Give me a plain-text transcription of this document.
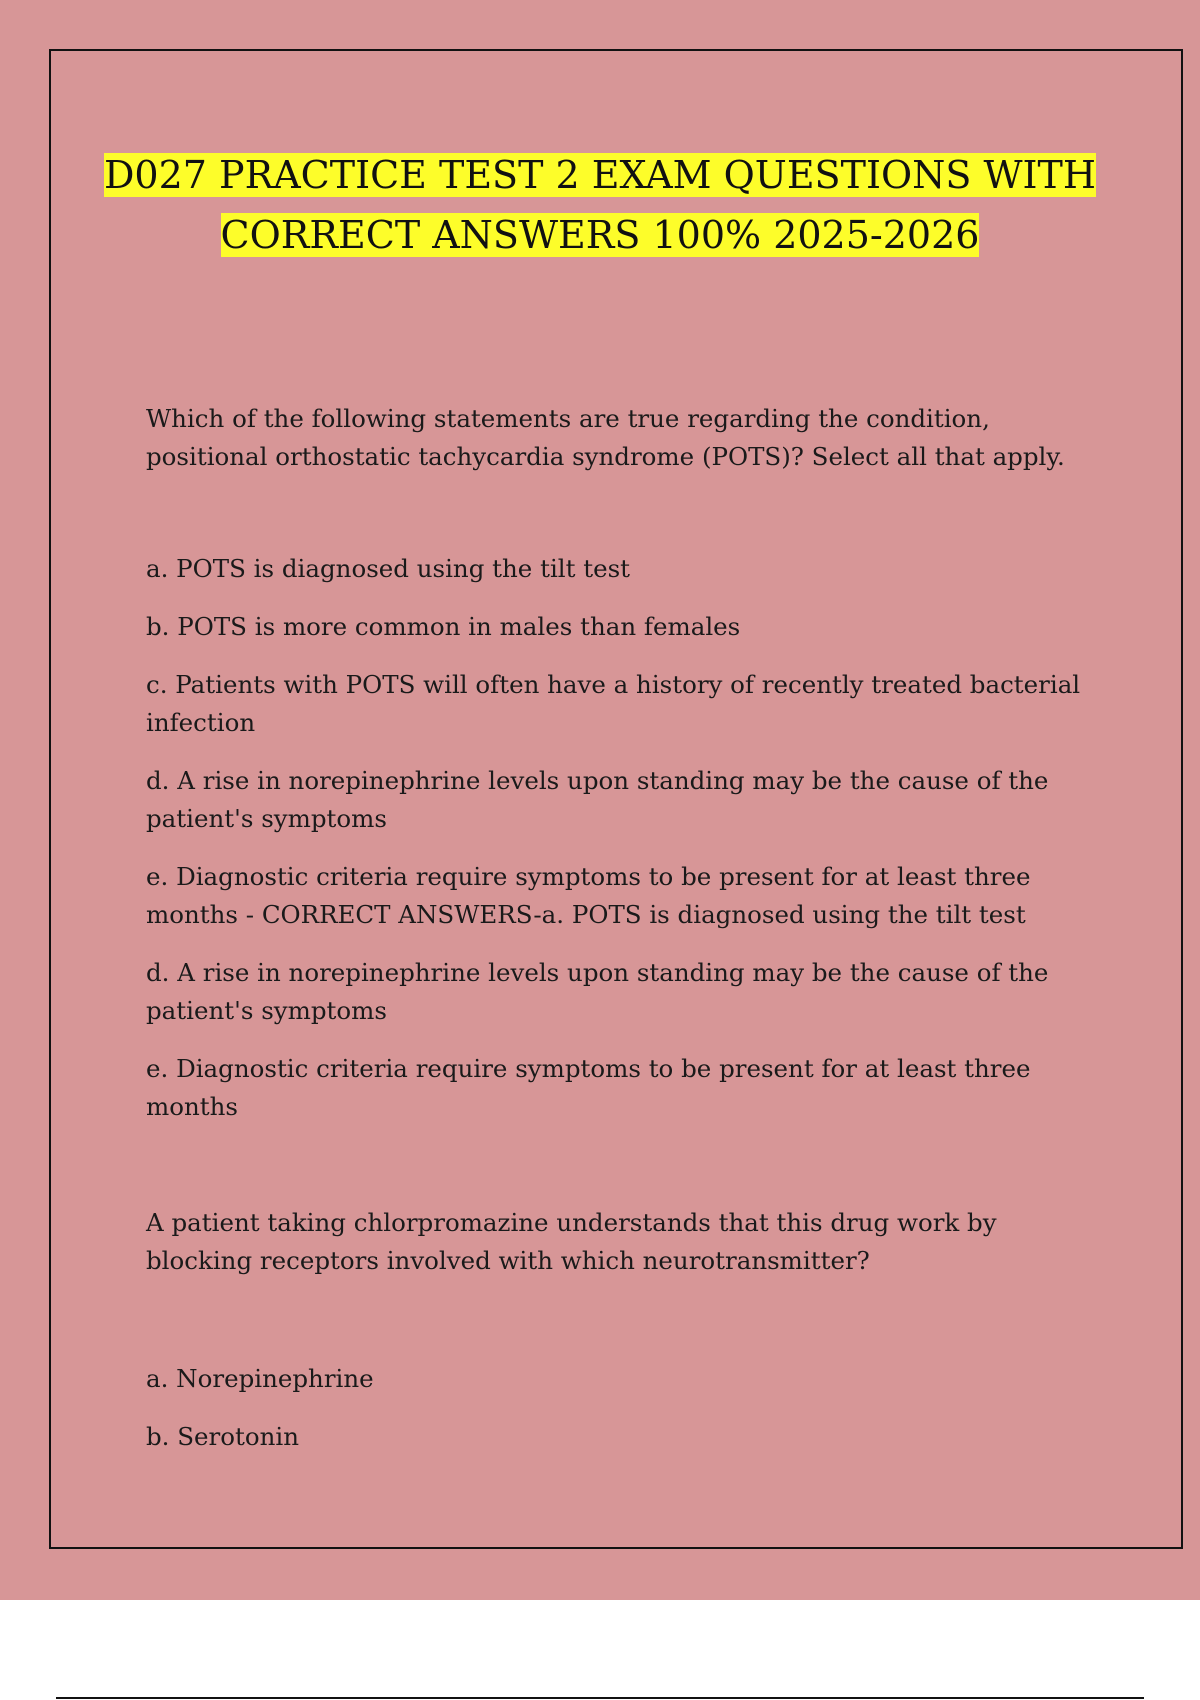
D027 PRACTICE TEST 2 EXAM QUESTIONS WITH
CORRECT ANSWERS 100% 2025-2026

Which of the following statements are true regarding the condition, positional orthostatic tachycardia syndrome (POTS)? Select all that apply.

a. POTS is diagnosed using the tilt test

b. POTS is more common in males than females

c. Patients with POTS will often have a history of recently treated bacterial infection

d. A rise in norepinephrine levels upon standing may be the cause of the patient's symptoms

e. Diagnostic criteria require symptoms to be present for at least three months - CORRECT ANSWERS-a. POTS is diagnosed using the tilt test

d. A rise in norepinephrine levels upon standing may be the cause of the patient's symptoms

e. Diagnostic criteria require symptoms to be present for at least three months

A patient taking chlorpromazine understands that this drug work by blocking receptors involved with which neurotransmitter?

a. Norepinephrine

b. Serotonin
